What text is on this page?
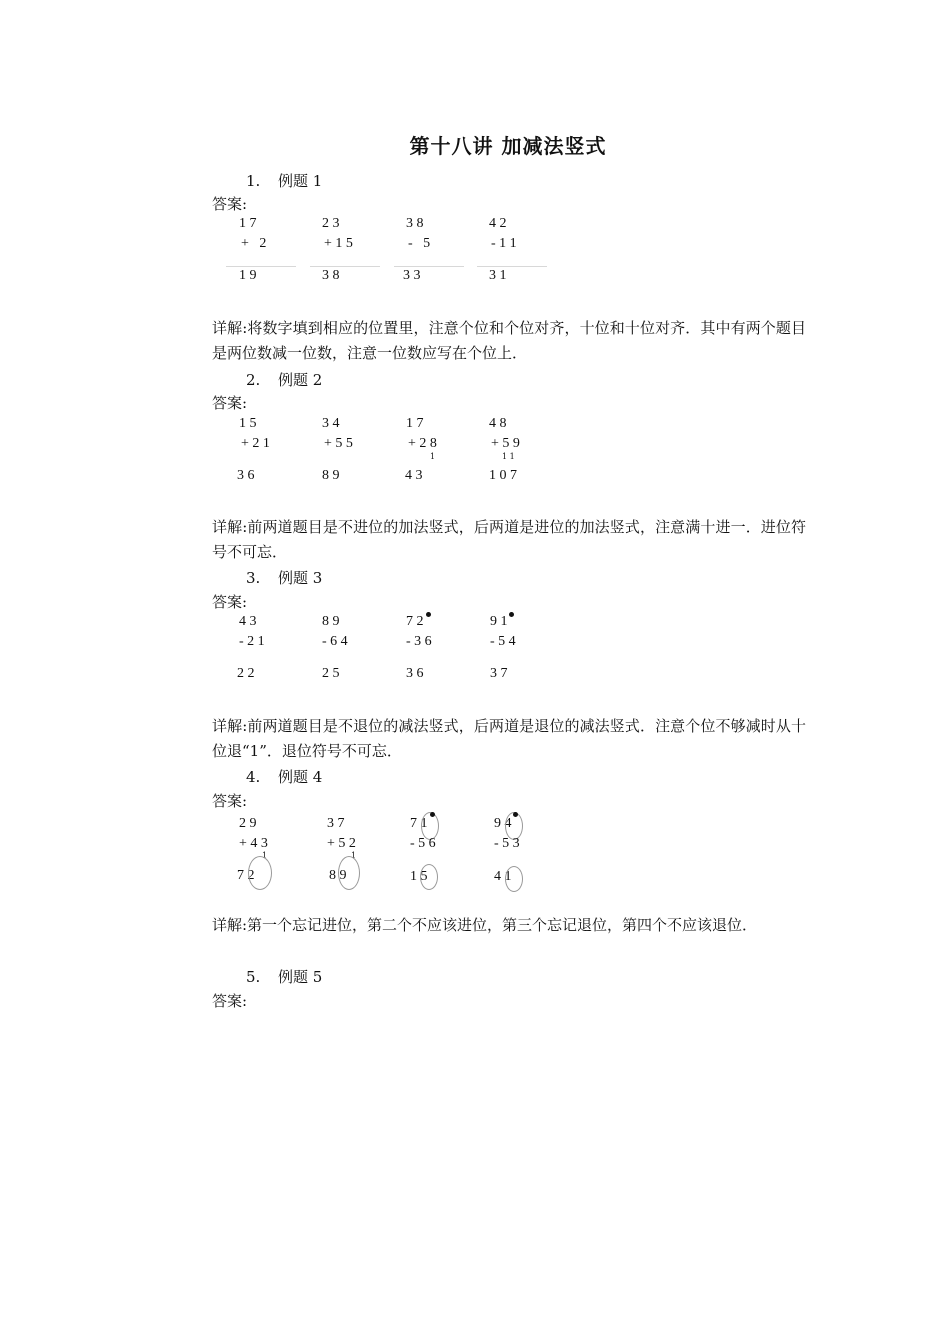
第十八讲 加减法竖式
1. 例题 1
答案:
1 7
+   2
1 9
2 3
+ 1 5
3 8
3 8
-   5
3 3
4 2
- 1 1
3 1
详解:将数字填到相应的位置里，注意个位和个位对齐，十位和十位对齐．其中有两个题目是两位数减一位数，注意一位数应写在个位上．
2. 例题 2
答案:
1 5
+ 2 1
3 6
3 4
+ 5 5
8 9
1 7
+ 2 8
1
4 3
4 8
+ 5 9
1 1
1 0 7
详解:前两道题目是不进位的加法竖式，后两道是进位的加法竖式，注意满十进一．进位符号不可忘．
3. 例题 3
答案:
4 3
- 2 1
2 2
8 9
- 6 4
2 5
7 2
- 3 6
3 6
9 1
- 5 4
3 7
详解:前两道题目是不退位的减法竖式，后两道是退位的减法竖式．注意个位不够减时从十位退“1”．退位符号不可忘．
4. 例题 4
答案:
2 9
+ 4 3
1
7 2
3 7
+ 5 2
1
8 9
7 1
- 5 6
1 5
9 4
- 5 3
4 1
详解:第一个忘记进位，第二个不应该进位，第三个忘记退位，第四个不应该退位．
5. 例题 5
答案:
